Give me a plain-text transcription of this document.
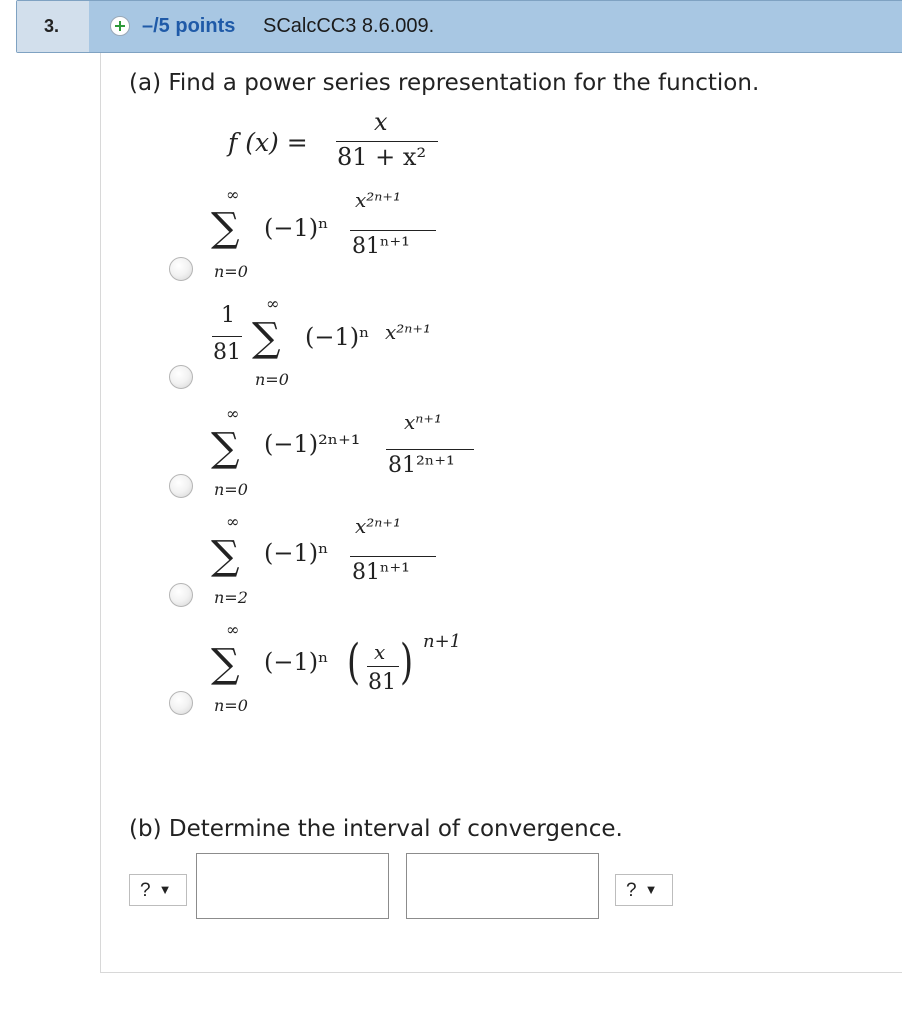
3.	–/5 points SCalcCC3 8.6.009.
(a) Find a power series representation for the function.
f (x) =
x
81 + x²
∞
∑
n=0
(−1)ⁿ
x²ⁿ⁺¹
81ⁿ⁺¹
1
81
∞
∑
n=0
(−1)ⁿ x²ⁿ⁺¹
∞
∑
n=0
(−1)²ⁿ⁺¹
xⁿ⁺¹
81²ⁿ⁺¹
∞
∑
n=2
(−1)ⁿ
x²ⁿ⁺¹
81ⁿ⁺¹
∞
∑
n=0
(−1)ⁿ ( x
81 ) n+1
(b) Determine the interval of convergence.
? ▼	? ▼
